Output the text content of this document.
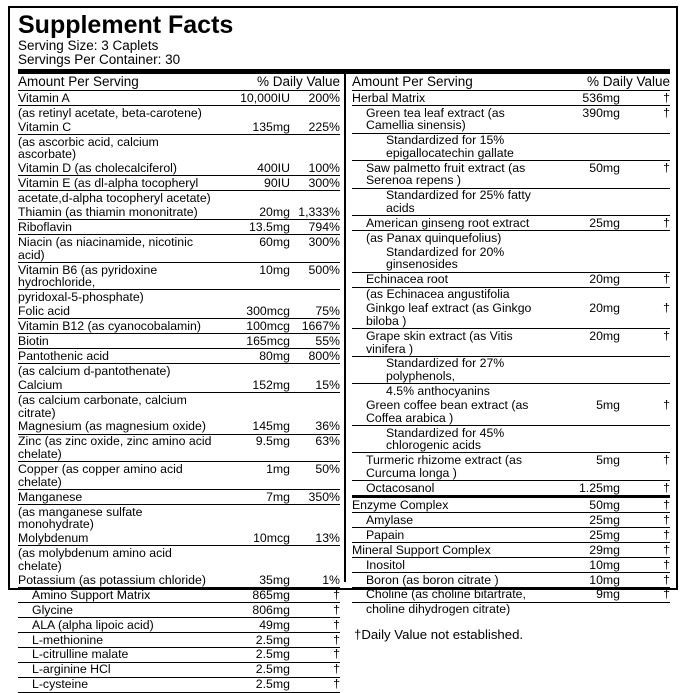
Supplement Facts
Serving Size: 3 Caplets
Servings Per Container: 30
Amount Per Serving	% Daily Value
Vitamin A	10,000IU	200%
(as retinyl acetate, beta-carotene)		
Vitamin C	135mg	225%
(as ascorbic acid, calcium ascorbate)		
Vitamin D (as cholecalciferol)	400IU	100%
Vitamin E (as dl-alpha tocopheryl	90IU	300%
acetate,d-alpha tocopheryl acetate)		
Thiamin (as thiamin mononitrate)	20mg	1,333%
Riboflavin	13.5mg	794%
Niacin (as niacinamide, nicotinic acid)	60mg	300%
Vitamin B6 (as pyridoxine hydrochloride,	10mg	500%
pyridoxal-5-phosphate)		
Folic acid	300mcg	75%
Vitamin B12 (as cyanocobalamin)	100mcg	1667%
Biotin	165mcg	55%
Pantothenic acid	80mg	800%
(as calcium d-pantothenate)		
Calcium	152mg	15%
(as calcium carbonate, calcium citrate)		
Magnesium (as magnesium oxide)	145mg	36%
Zinc (as zinc oxide, zinc amino acid chelate)	9.5mg	63%
Copper (as copper amino acid chelate)	1mg	50%
Manganese	7mg	350%
(as manganese sulfate monohydrate)		
Molybdenum	10mcg	13%
(as molybdenum amino acid chelate)		
Potassium (as potassium chloride)	35mg	1%
Amino Support Matrix	865mg	†
Glycine	806mg	†
ALA (alpha lipoic acid)	49mg	†
L-methionine	2.5mg	†
L-citrulline malate	2.5mg	†
L-arginine HCl	2.5mg	†
L-cysteine	2.5mg	†
Amount Per Serving	% Daily Value
Herbal Matrix	536mg	†
Green tea leaf extract (as Camellia sinensis)	390mg	†
Standardized for 15% epigallocatechin gallate		
Saw palmetto fruit extract (as Serenoa repens )	50mg	†
Standardized for 25% fatty acids		
American ginseng root extract	25mg	†
(as Panax quinquefolius)		
Standardized for 20% ginsenosides		
Echinacea root	20mg	†
(as Echinacea angustifolia		
Ginkgo leaf extract (as Ginkgo biloba )	20mg	†
Grape skin extract (as Vitis vinifera )	20mg	†
Standardized for 27% polyphenols,		
4.5% anthocyanins		
Green coffee bean extract (as Coffea arabica )	5mg	†
Standardized for 45% chlorogenic acids		
Turmeric rhizome extract (as Curcuma longa )	5mg	†
Octacosanol	1.25mg	†
Enzyme Complex	50mg	†
Amylase	25mg	†
Papain	25mg	†
Mineral Support Complex	29mg	†
Inositol	10mg	†
Boron (as boron citrate )	10mg	†
Choline (as choline bitartrate,	9mg	†
choline dihydrogen citrate)		
†Daily Value not established.
